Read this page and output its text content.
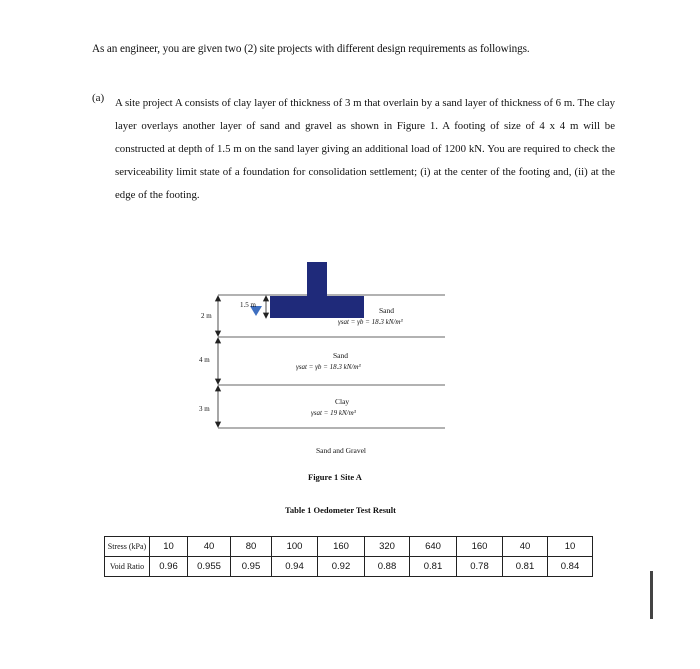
As an engineer, you are given two (2) site projects with different design requirements as followings.
(a) A site project A consists of clay layer of thickness of 3 m that overlain by a sand layer of thickness of 6 m. The clay layer overlays another layer of sand and gravel as shown in Figure 1. A footing of size of 4 x 4 m will be constructed at depth of 1.5 m on the sand layer giving an additional load of 1200 kN. You are required to check the serviceability limit state of a foundation for consolidation settlement; (i) at the center of the footing and, (ii) at the edge of the footing.
2 m
1.5 m
4 m
3 m
Sand
γsat = γb = 18.3 kN/m³
Sand
γsat = γb = 18.3 kN/m³
Clay
γsat = 19 kN/m³
Sand and Gravel
Figure 1 Site A
Table 1 Oedometer Test Result
Stress (kPa)	10	40	80	100	160	320	640	160	40	10
Void Ratio	0.96	0.955	0.95	0.94	0.92	0.88	0.81	0.78	0.81	0.84
